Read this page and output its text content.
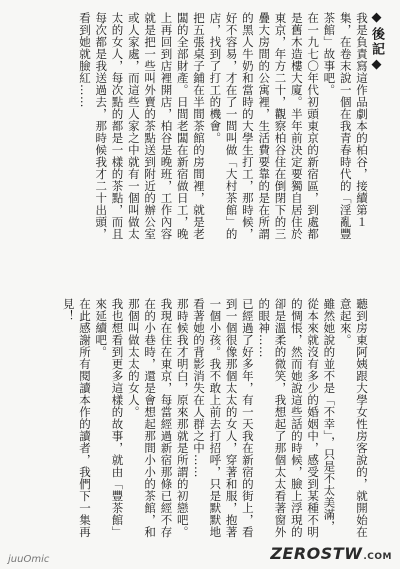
◆後記◆
我是負責寫這作品劇本的柏谷，接續第１集，在卷末說一個在我青春時代的「淫亂豐茶館」故事吧。
在一九七〇年代初頭東京的新宿區，到處都是舊木造樓大廈。半年前決定要獨自居住於東京，年方二十，觀察柏谷住在倒閉下的三疊大房間的公寓裡，生活費要靠的是在所謂的黑人牛奶和當時的大學生打工，那時候，好不容易，才在了一間叫做「大村茶館」的店，找到了打工的機會。
把五張桌子鋪在半間茶館的房間裡，就是老闆的全部財產。日間老闆在新宿做日工，晚上再回到店裡開店，柏谷是晚班，工作內容就是把一些叫外賣的茶點送到附近的辦公室或人家處，而這些人家之中就有一個叫做太太的女人，每次點的都是一樣的茶點，而且每次都是我送過去，那時候我才二十出頭，看到她就臉紅……
聽到房東阿姨跟大學女性房客說的，就開始在意起來。
雖然她說的並不是「不幸」，只是不太美滿，從本來就沒有多少的婚姻中，感受到某種不明的惆悵，然而她說這些話的時候，臉上浮現的卻是溫柔的微笑，我想起了那個太太看著窗外的眼神……
已經過了好多年，有一天我在新宿的街上，看到一個很像那個太太的女人，穿著和服，抱著一個小孩。我不敢上前去打招呼，只是默默地看著她的背影消失在人群之中……
那時候我才明白，原來那就是所謂的初戀吧。
我現在住在東京，每當經過新宿那條已經不存在的小巷時，還是會想起那間小小的茶館，和那個叫做太太的女人。
我也想看到更多這樣的故事，就由「豐茶館」來延續吧。
在此感謝所有閱讀本作的讀者，我們下一集再見！
juuOmic	ZEROSTW.COM
